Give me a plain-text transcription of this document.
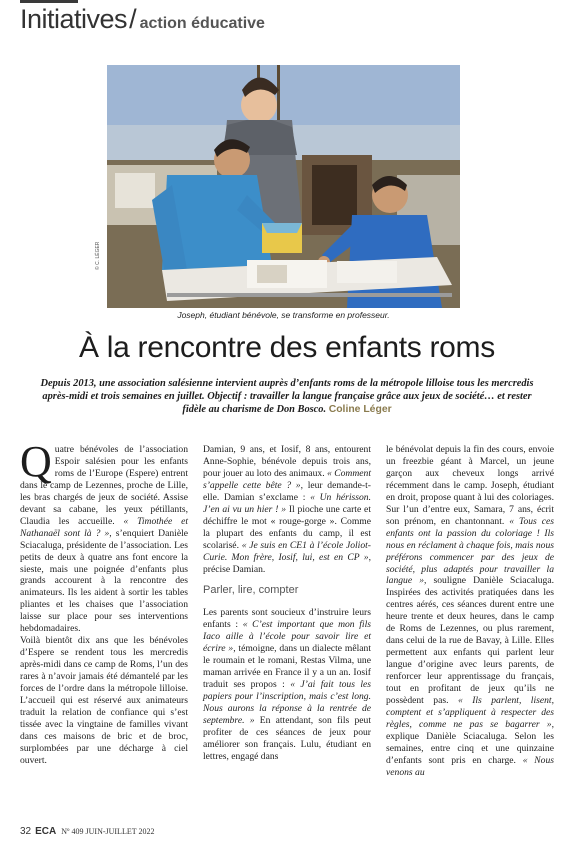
Initiatives / action éducative
© C. LÉGER
Joseph, étudiant bénévole, se transforme en professeur.
À la rencontre des enfants roms
Depuis 2013, une association salésienne intervient auprès d’enfants roms de la métropole lilloise tous les mercredis après-midi et trois semaines en juillet. Objectif : travailler la langue française grâce aux jeux de société… et rester fidèle au charisme de Don Bosco. Coline Léger

Quatre bénévoles de l’association Espoir salésien pour les enfants roms de l’Europe (Espere) entrent dans le camp de Lezennes, proche de Lille, les bras chargés de jeux de société. Assise devant sa cabane, les yeux pétillants, Claudia les accueille. « Timothée et Nathanaël sont là ? », s’enquiert Danièle Sciacaluga, présidente de l’association. Les petits de deux à quatre ans font encore la sieste, mais une poignée d’enfants plus grands accourent à la rencontre des animateurs. Ils les aident à sortir les tables pliantes et les chaises que l’association laisse sur place pour ses interventions hebdomadaires.

Voilà bientôt dix ans que les bénévoles d’Espere se rendent tous les mercredis après-midi dans ce camp de Roms, l’un des rares à n’avoir jamais été démantelé par les forces de l’ordre dans la métropole lilloise. L’accueil qui est réservé aux animateurs traduit la relation de confiance qui s’est tissée avec la vingtaine de familles vivant dans ces maisons de bric et de broc, surplombées par une décharge à ciel ouvert.

Damian, 9 ans, et Iosif, 8 ans, entourent Anne-Sophie, bénévole depuis trois ans, pour jouer au loto des animaux. « Comment s’appelle cette bête ? », leur demande-t-elle. Damian s’exclame : « Un hérisson. J’en ai vu un hier ! » Il pioche une carte et déchiffre le mot « rouge-gorge ». Comme la plupart des enfants du camp, il est scolarisé. « Je suis en CE1 à l’école Joliot-Curie. Mon frère, Iosif, lui, est en CP », précise Damian.

Parler, lire, compter

Les parents sont soucieux d’instruire leurs enfants : « C’est important que mon fils Iaco aille à l’école pour savoir lire et écrire », témoigne, dans un dialecte mêlant le roumain et le romani, Restas Vilma, une maman arrivée en France il y a un an. Iosif traduit ses propos : « J’ai fait tous les papiers pour l’inscription, mais c’est long. Nous aurons la réponse à la rentrée de septembre. » En attendant, son fils peut profiter de ces séances de jeux pour améliorer son français. Lulu, étudiant en lettres, engagé dans

le bénévolat depuis la fin des cours, envoie un freezbie géant à Marcel, un jeune garçon aux cheveux longs arrivé récemment dans le camp. Joseph, étudiant en droit, propose quant à lui des coloriages. Sur l’un d’entre eux, Samara, 7 ans, écrit son prénom, en chantonnant. « Tous ces enfants ont la passion du coloriage ! Ils nous en réclament à chaque fois, mais nous préférons commencer par des jeux de société, plus adaptés pour travailler la langue », souligne Danièle Sciacaluga. Inspirées des activités pratiquées dans les centres aérés, ces séances durent entre une heure trente et deux heures, dans le camp de Roms de Lezennes, ou plus rarement, dans celui de la rue de Bavay, à Lille. Elles permettent aux enfants qui parlent leur langue d’origine avec leurs parents, de renforcer leur apprentissage du français, tout en profitant de jeux qu’ils ne possèdent pas. « Ils parlent, lisent, comptent et s’appliquent à respecter des règles, comme ne pas se bagarrer », explique Danièle Sciacaluga. Selon les semaines, entre cinq et une quinzaine d’enfants sont pris en charge. « Nous venons au

32 ECA Nº 409 JUIN-JUILLET 2022
